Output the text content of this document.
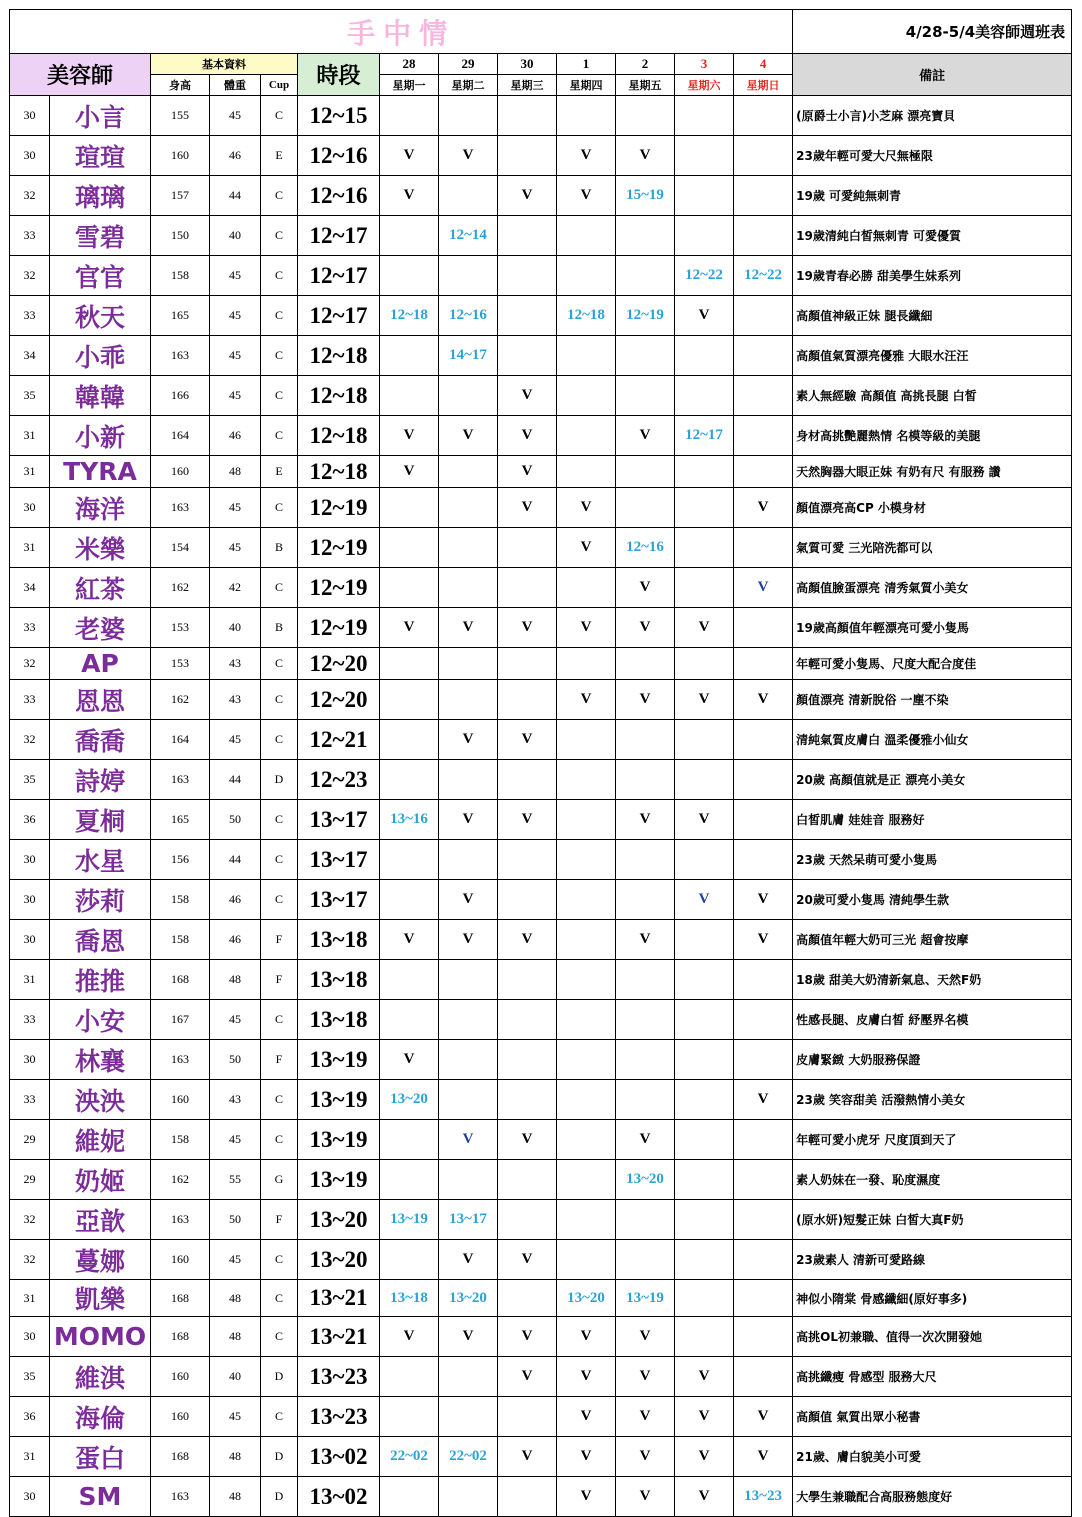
手中情													4/28-5/4美容師週班表
美容師		基本資料			時段	28	29	30	1	2	3	4	備註
		身高	體重	Cup		星期一	星期二	星期三	星期四	星期五	星期六	星期日	
30	小言	155	45	C	12~15								(原爵士小言)小芝麻 漂亮寶貝
30	瑄瑄	160	46	E	12~16	V	V		V	V			23歲年輕可愛大尺無極限
32	璃璃	157	44	C	12~16	V		V	V	15~19			19歲 可愛純無刺青
33	雪碧	150	40	C	12~17		12~14						19歲清純白皙無刺青 可愛優質
32	官官	158	45	C	12~17						12~22	12~22	19歲青春必勝 甜美學生妹系列
33	秋天	165	45	C	12~17	12~18	12~16		12~18	12~19	V		高顏值神級正妹 腿長纖細
34	小乖	163	45	C	12~18		14~17						高顏值氣質漂亮優雅 大眼水汪汪
35	韓韓	166	45	C	12~18			V					素人無經驗 高顏值 高挑長腿 白皙
31	小新	164	46	C	12~18	V	V	V		V	12~17		身材高挑艷麗熱情 名模等級的美腿
31	TYRA	160	48	E	12~18	V		V					天然胸器大眼正妹 有奶有尺 有服務 讚
30	海洋	163	45	C	12~19			V	V			V	顏值漂亮高CP 小模身材
31	米樂	154	45	B	12~19				V	12~16			氣質可愛 三光陪洗都可以
34	紅茶	162	42	C	12~19					V		V	高顏值臉蛋漂亮 清秀氣質小美女
33	老婆	153	40	B	12~19	V	V	V	V	V	V		19歲高顏值年輕漂亮可愛小隻馬
32	AP	153	43	C	12~20								年輕可愛小隻馬、尺度大配合度佳
33	恩恩	162	43	C	12~20				V	V	V	V	顏值漂亮 清新脫俗 一塵不染
32	喬喬	164	45	C	12~21		V	V					清純氣質皮膚白 溫柔優雅小仙女
35	詩婷	163	44	D	12~23								20歲 高顏值就是正 漂亮小美女
36	夏桐	165	50	C	13~17	13~16	V	V		V	V		白皙肌膚 娃娃音 服務好
30	水星	156	44	C	13~17								23歲 天然呆萌可愛小隻馬
30	莎莉	158	46	C	13~17		V				V	V	20歲可愛小隻馬 清純學生款
30	喬恩	158	46	F	13~18	V	V	V		V		V	高顏值年輕大奶可三光 超會按摩
31	推推	168	48	F	13~18								18歲 甜美大奶清新氣息、天然F奶
33	小安	167	45	C	13~18								性感長腿、皮膚白皙 紓壓界名模
30	林襄	163	50	F	13~19	V							皮膚緊緻 大奶服務保證
33	泱泱	160	43	C	13~19	13~20						V	23歲 笑容甜美 活潑熱情小美女
29	維妮	158	45	C	13~19		V	V		V			年輕可愛小虎牙 尺度頂到天了
29	奶姬	162	55	G	13~19					13~20			素人奶妹在一發、恥度濕度
32	亞歆	163	50	F	13~20	13~19	13~17						(原水妍)短髮正妹 白皙大真F奶
32	蔓娜	160	45	C	13~20		V	V					23歲素人 清新可愛路線
31	凱樂	168	48	C	13~21	13~18	13~20		13~20	13~19			神似小隋棠 骨感纖細(原好事多)
30	MOMO	168	48	C	13~21	V	V	V	V	V			高挑OL初兼職、值得一次次開發她
35	維淇	160	40	D	13~23			V	V	V	V		高挑纖瘦 骨感型 服務大尺
36	海倫	160	45	C	13~23				V	V	V	V	高顏值 氣質出眾小秘書
31	蛋白	168	48	D	13~02	22~02	22~02	V	V	V	V	V	21歲、膚白貌美小可愛
30	SM	163	48	D	13~02				V	V	V	13~23	大學生兼職配合高服務態度好
